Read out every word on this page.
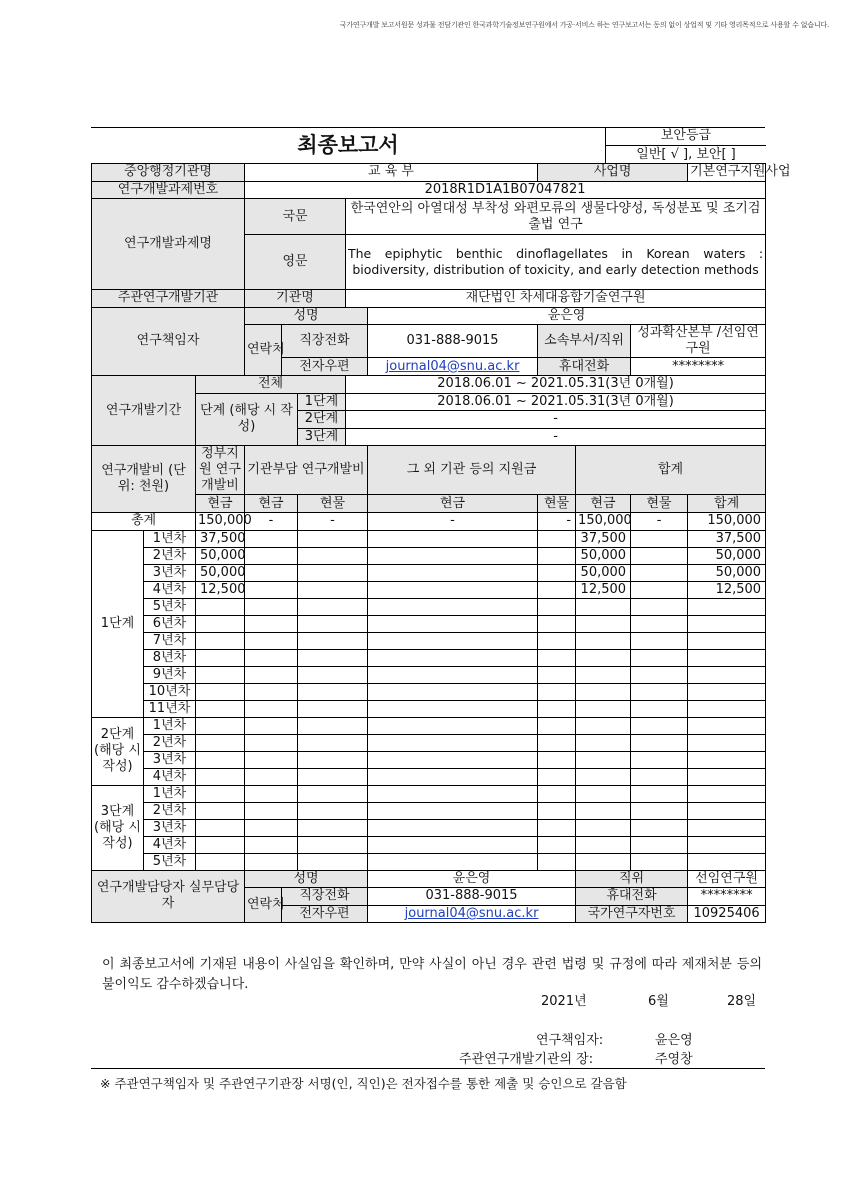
국가연구개발 보고서원문 성과물 전담기관인 한국과학기술정보연구원에서 가공·서비스 하는 연구보고서는 동의 없이 상업적 및 기타 영리목적으로 사용할 수 없습니다.
최종보고서	보안등급
일반[ √ ], 보안[ ]
중앙행정기관명			교 육 부					사업명			기본연구지원사업
연구개발과제번호			2018R1D1A1B07047821								
연구개발과제명			국문			한국연안의 아열대성 부착성 와편모류의 생물다양성, 독성분포 및 조기검출법 연구					
			영문			The epiphytic benthic dinoflagellates in Korean waters : biodiversity, distribution of toxicity, and early detection methods					
주관연구개발기관			기관명			재단법인 차세대융합기술연구원					
연구책임자			성명				윤은영				
			연락처	직장전화			031-888-9015	소속부서/직위		성과확산본부 /선임연구원	

				전자우편			journal04@snu.ac.kr	휴대전화		********	
연구개발기간		전체				2018.06.01 ~ 2021.05.31(3년 0개월)					
		단계 (해당 시 작성)			1단계	2018.06.01 ~ 2021.05.31(3년 0개월)					
					2단계	-					
					3단계	-					
연구개발비 (단위: 천원)		정부지원 연구개발비	기관부담 연구개발비				그 외 기관 등의 지원금		합계		
		현금	현금		현물		현금	현물	현금	현물	합계
총계		150,000	-		-		-	-	150,000	-	150,000
1단계	1년차	37,500							37,500		37,500
	2년차	50,000							50,000		50,000
	3년차	50,000							50,000		50,000
	4년차	12,500							12,500		12,500
	5년차										
	6년차										
	7년차										
	8년차										
	9년차										
	10년차										
	11년차										
2단계 (해당 시 작성)	1년차										
	2년차										
	3년차										
	4년차										
3단계 (해당 시 작성)	1년차										
	2년차										
	3년차										
	4년차										
	5년차										
연구개발담당자 실무담당자			성명				윤은영		직위		선임연구원
			연락처	직장전화			031-888-9015		휴대전화		********
				전자우편			journal04@snu.ac.kr		국가연구자번호		10925406
이 최종보고서에 기재된 내용이 사실임을 확인하며, 만약 사실이 아닌 경우 관련 법령 및 규정에 따라 제재처분 등의 불이익도 감수하겠습니다.
2021년	6월	28일
연구책임자:	윤은영
주관연구개발기관의 장:	주영창
※ 주관연구책임자 및 주관연구기관장 서명(인, 직인)은 전자접수를 통한 제출 및 승인으로 갈음함
